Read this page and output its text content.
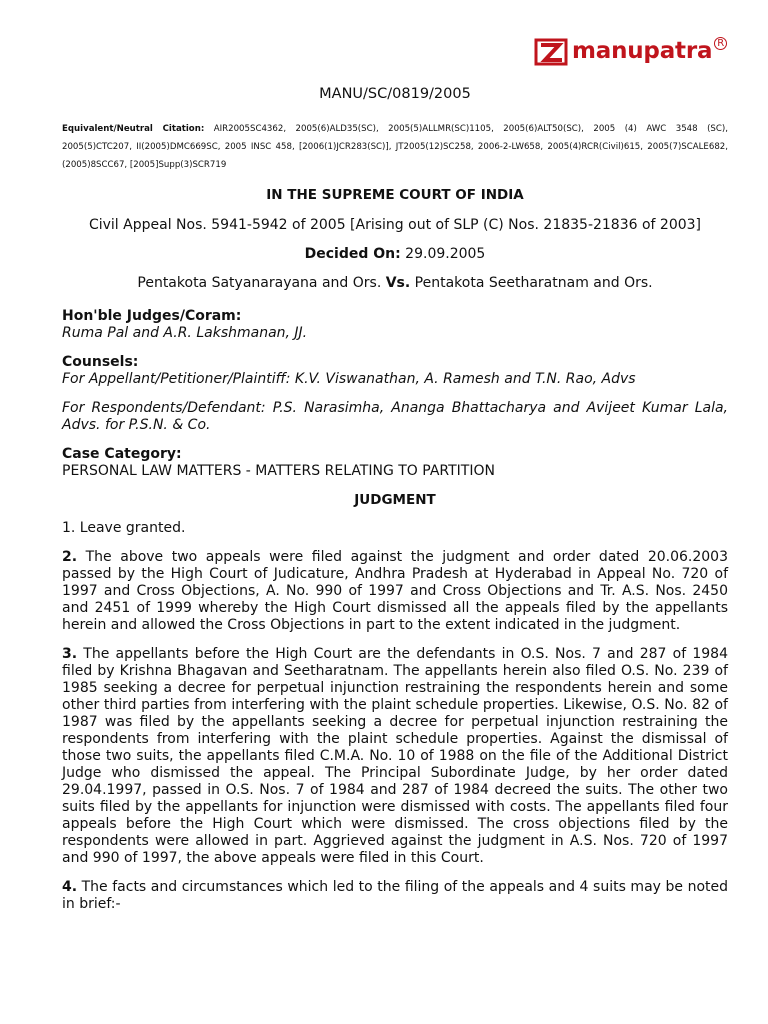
manupatra R

MANU/SC/0819/2005

Equivalent/Neutral Citation: AIR2005SC4362, 2005(6)ALD35(SC), 2005(5)ALLMR(SC)1105, 2005(6)ALT50(SC), 2005 (4) AWC 3548 (SC), 2005(5)CTC207, II(2005)DMC669SC, 2005 INSC 458, [2006(1)JCR283(SC)], JT2005(12)SC258, 2006-2-LW658, 2005(4)RCR(Civil)615, 2005(7)SCALE682, (2005)8SCC67, [2005]Supp(3)SCR719

IN THE SUPREME COURT OF INDIA

Civil Appeal Nos. 5941-5942 of 2005 [Arising out of SLP (C) Nos. 21835-21836 of 2003]

Decided On: 29.09.2005

Pentakota Satyanarayana and Ors. Vs. Pentakota Seetharatnam and Ors.

Hon'ble Judges/Coram:

Ruma Pal and A.R. Lakshmanan, JJ.

Counsels:

For Appellant/Petitioner/Plaintiff: K.V. Viswanathan, A. Ramesh and T.N. Rao, Advs

For Respondents/Defendant: P.S. Narasimha, Ananga Bhattacharya and Avijeet Kumar Lala, Advs. for P.S.N. & Co.

Case Category:

PERSONAL LAW MATTERS - MATTERS RELATING TO PARTITION

JUDGMENT

1. Leave granted.

2. The above two appeals were filed against the judgment and order dated 20.06.2003 passed by the High Court of Judicature, Andhra Pradesh at Hyderabad in Appeal No. 720 of 1997 and Cross Objections, A. No. 990 of 1997 and Cross Objections and Tr. A.S. Nos. 2450 and 2451 of 1999 whereby the High Court dismissed all the appeals filed by the appellants herein and allowed the Cross Objections in part to the extent indicated in the judgment.

3. The appellants before the High Court are the defendants in O.S. Nos. 7 and 287 of 1984 filed by Krishna Bhagavan and Seetharatnam. The appellants herein also filed O.S. No. 239 of 1985 seeking a decree for perpetual injunction restraining the respondents herein and some other third parties from interfering with the plaint schedule properties. Likewise, O.S. No. 82 of 1987 was filed by the appellants seeking a decree for perpetual injunction restraining the respondents from interfering with the plaint schedule properties. Against the dismissal of those two suits, the appellants filed C.M.A. No. 10 of 1988 on the file of the Additional District Judge who dismissed the appeal. The Principal Subordinate Judge, by her order dated 29.04.1997, passed in O.S. Nos. 7 of 1984 and 287 of 1984 decreed the suits. The other two suits filed by the appellants for injunction were dismissed with costs. The appellants filed four appeals before the High Court which were dismissed. The cross objections filed by the respondents were allowed in part. Aggrieved against the judgment in A.S. Nos. 720 of 1997 and 990 of 1997, the above appeals were filed in this Court.

4. The facts and circumstances which led to the filing of the appeals and 4 suits may be noted in brief:-
